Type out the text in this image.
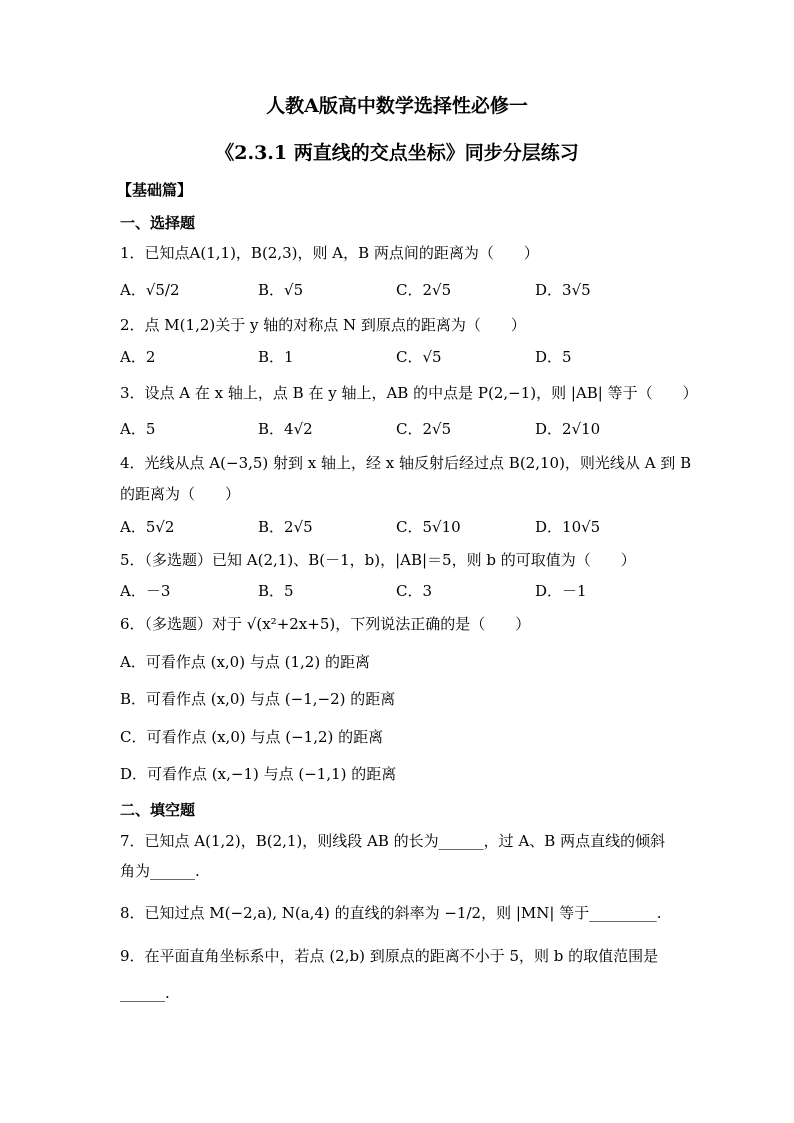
人教A版高中数学选择性必修一
《2.3.1 两直线的交点坐标》同步分层练习
【基础篇】
一、选择题
1．已知点A(1,1)，B(2,3)，则 A，B 两点间的距离为（　　）
A．√5/2	B．√5	C．2√5	D．3√5
2．点 M(1,2)关于 y 轴的对称点 N 到原点的距离为（　　）
A．2	B．1	C．√5	D．5
3．设点 A 在 x 轴上，点 B 在 y 轴上，AB 的中点是 P(2,−1)，则 |AB| 等于（　　）
A．5	B．4√2	C．2√5	D．2√10
4．光线从点 A(−3,5) 射到 x 轴上，经 x 轴反射后经过点 B(2,10)，则光线从 A 到 B
的距离为（　　）
A．5√2	B．2√5	C．5√10	D．10√5
5．（多选题）已知 A(2,1)、B(－1，b)，|AB|＝5，则 b 的可取值为（　　）
A．－3	B．5	C．3	D．－1
6．（多选题）对于 √(x²+2x+5)，下列说法正确的是（　　）
A．可看作点 (x,0) 与点 (1,2) 的距离
B．可看作点 (x,0) 与点 (−1,−2) 的距离
C．可看作点 (x,0) 与点 (−1,2) 的距离
D．可看作点 (x,−1) 与点 (−1,1) 的距离
二、填空题
7．已知点 A(1,2)，B(2,1)，则线段 AB 的长为______，过 A、B 两点直线的倾斜
角为______.
8．已知过点 M(−2,a), N(a,4) 的直线的斜率为 −1/2，则 |MN| 等于_________.
9．在平面直角坐标系中，若点 (2,b) 到原点的距离不小于 5，则 b 的取值范围是
______.
